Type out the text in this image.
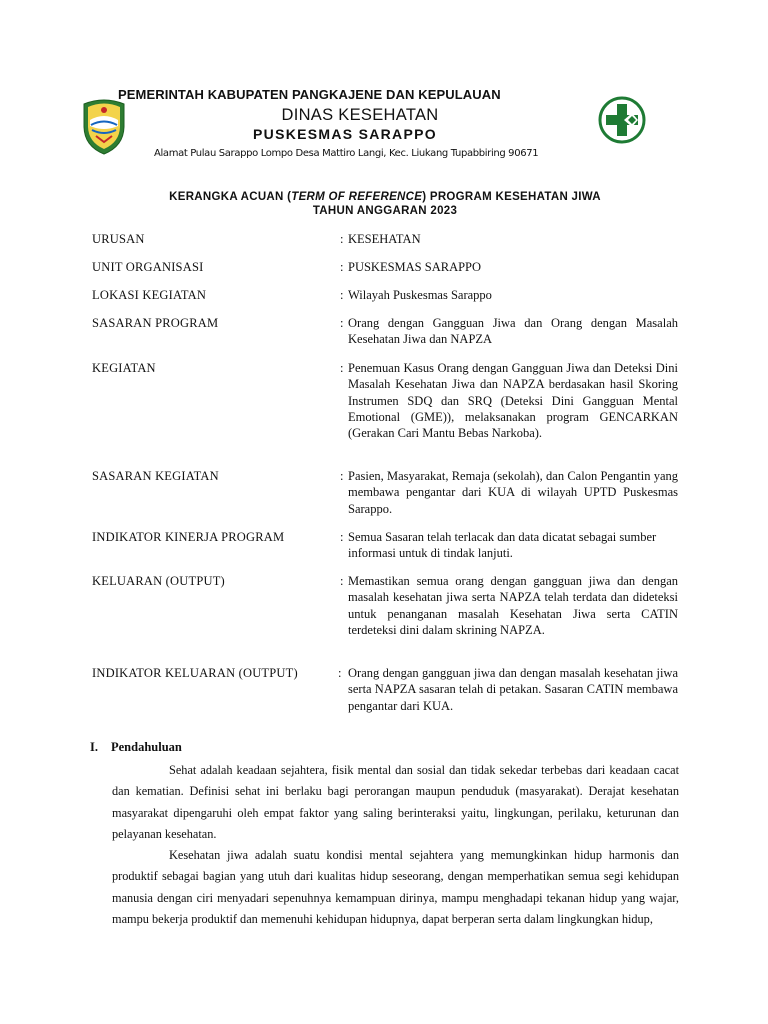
PEMERINTAH KABUPATEN PANGKAJENE DAN KEPULAUAN
DINAS KESEHATAN
PUSKESMAS SARAPPO
Alamat Pulau Sarappo Lompo Desa Mattiro Langi, Kec. Liukang Tupabbiring 90671
KERANGKA ACUAN (TERM OF REFERENCE) PROGRAM KESEHATAN JIWA
TAHUN ANGGARAN 2023
URUSAN	: KESEHATAN
UNIT ORGANISASI	: PUSKESMAS SARAPPO
LOKASI KEGIATAN	: Wilayah Puskesmas Sarappo
SASARAN PROGRAM	: Orang dengan Gangguan Jiwa dan Orang dengan Masalah Kesehatan Jiwa dan NAPZA
KEGIATAN	: Penemuan Kasus Orang dengan Gangguan Jiwa dan Deteksi Dini Masalah Kesehatan Jiwa dan NAPZA berdasakan hasil Skoring Instrumen SDQ dan SRQ (Deteksi Dini Gangguan Mental Emotional (GME)), melaksanakan program GENCARKAN (Gerakan Cari Mantu Bebas Narkoba).
SASARAN KEGIATAN	: Pasien, Masyarakat, Remaja (sekolah), dan Calon Pengantin yang membawa pengantar dari KUA di wilayah UPTD Puskesmas Sarappo.
INDIKATOR KINERJA PROGRAM	: Semua Sasaran telah terlacak dan data dicatat sebagai sumber informasi untuk di tindak lanjuti.
KELUARAN (OUTPUT)	: Memastikan semua orang dengan gangguan jiwa dan dengan masalah kesehatan jiwa serta NAPZA telah terdata dan dideteksi untuk penanganan masalah Kesehatan Jiwa serta CATIN terdeteksi dini dalam skrining NAPZA.
INDIKATOR KELUARAN (OUTPUT)	: Orang dengan gangguan jiwa dan dengan masalah kesehatan jiwa serta NAPZA sasaran telah di petakan. Sasaran CATIN membawa pengantar dari KUA.
I. Pendahuluan
Sehat adalah keadaan sejahtera, fisik mental dan sosial dan tidak sekedar terbebas dari keadaan cacat dan kematian. Definisi sehat ini berlaku bagi perorangan maupun penduduk (masyarakat). Derajat kesehatan masyarakat dipengaruhi oleh empat faktor yang saling berinteraksi yaitu, lingkungan, perilaku, keturunan dan pelayanan kesehatan.
Kesehatan jiwa adalah suatu kondisi mental sejahtera yang memungkinkan hidup harmonis dan produktif sebagai bagian yang utuh dari kualitas hidup seseorang, dengan memperhatikan semua segi kehidupan manusia dengan ciri menyadari sepenuhnya kemampuan dirinya, mampu menghadapi tekanan hidup yang wajar, mampu bekerja produktif dan memenuhi kehidupan hidupnya, dapat berperan serta dalam lingkungkan hidup,
